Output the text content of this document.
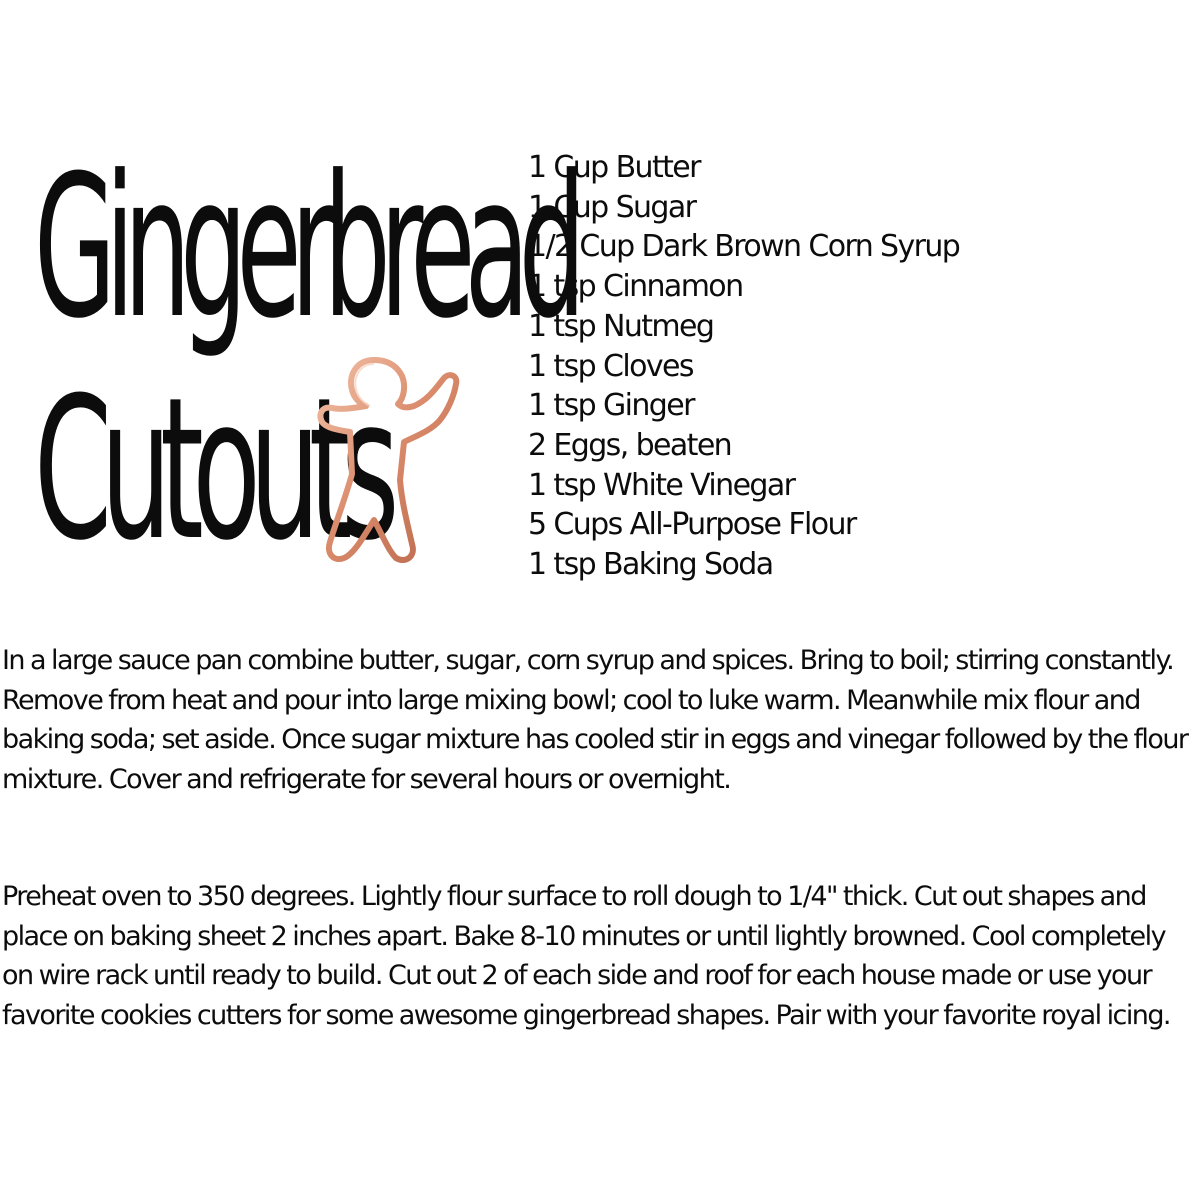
Gingerbread
Cutouts
1 Cup Butter
1 Cup Sugar
1/2 Cup Dark Brown Corn Syrup
1 tsp Cinnamon
1 tsp Nutmeg
1 tsp Cloves
1 tsp Ginger
2 Eggs, beaten
1 tsp White Vinegar
5 Cups All-Purpose Flour
1 tsp Baking Soda

In a large sauce pan combine butter, sugar, corn syrup and spices. Bring to boil; stirring constantly. Remove from heat and pour into large mixing bowl; cool to luke warm. Meanwhile mix flour and baking soda; set aside. Once sugar mixture has cooled stir in eggs and vinegar followed by the flour mixture. Cover and refrigerate for several hours or overnight.

Preheat oven to 350 degrees. Lightly flour surface to roll dough to 1/4" thick. Cut out shapes and place on baking sheet 2 inches apart. Bake 8-10 minutes or until lightly browned. Cool completely on wire rack until ready to build. Cut out 2 of each side and roof for each house made or use your favorite cookies cutters for some awesome gingerbread shapes. Pair with your favorite royal icing.
